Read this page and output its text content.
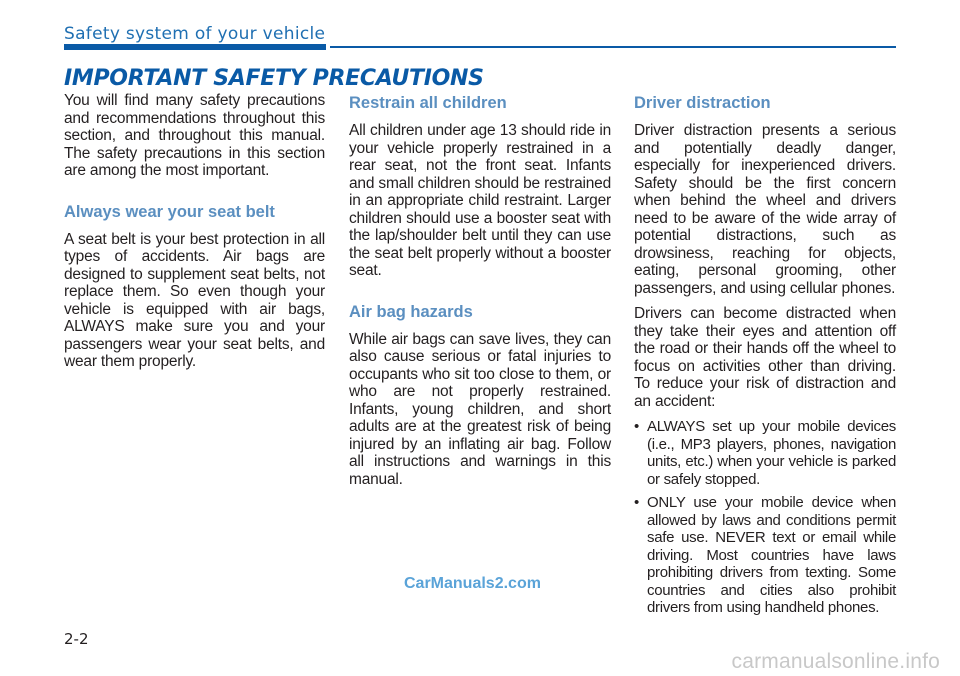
Safety system of your vehicle
IMPORTANT SAFETY PRECAUTIONS

You will find many safety precautions and recommendations throughout this section, and throughout this manual. The safety precautions in this section are among the most important.

Always wear your seat belt

A seat belt is your best protection in all types of accidents. Air bags are designed to supplement seat belts, not replace them. So even though your vehicle is equipped with air bags, ALWAYS make sure you and your passengers wear your seat belts, and wear them properly.

Restrain all children

All children under age 13 should ride in your vehicle properly restrained in a rear seat, not the front seat. Infants and small children should be restrained in an appropriate child restraint. Larger children should use a booster seat with the lap/shoulder belt until they can use the seat belt properly without a booster seat.

Air bag hazards

While air bags can save lives, they can also cause serious or fatal injuries to occupants who sit too close to them, or who are not properly restrained. Infants, young children, and short adults are at the greatest risk of being injured by an inflating air bag. Follow all instructions and warnings in this manual.

Driver distraction

Driver distraction presents a serious and potentially deadly danger, especially for inexperienced drivers. Safety should be the first concern when behind the wheel and drivers need to be aware of the wide array of potential distractions, such as drowsiness, reaching for objects, eating, personal grooming, other passengers, and using cellular phones.

Drivers can become distracted when they take their eyes and attention off the road or their hands off the wheel to focus on activities other than driving. To reduce your risk of distraction and an accident:

• ALWAYS set up your mobile devices (i.e., MP3 players, phones, navigation units, etc.) when your vehicle is parked or safely stopped.
• ONLY use your mobile device when allowed by laws and conditions permit safe use. NEVER text or email while driving. Most countries have laws prohibiting drivers from texting. Some countries and cities also prohibit drivers from using handheld phones.
CarManuals2.com
2-2
carmanualsonline.info
